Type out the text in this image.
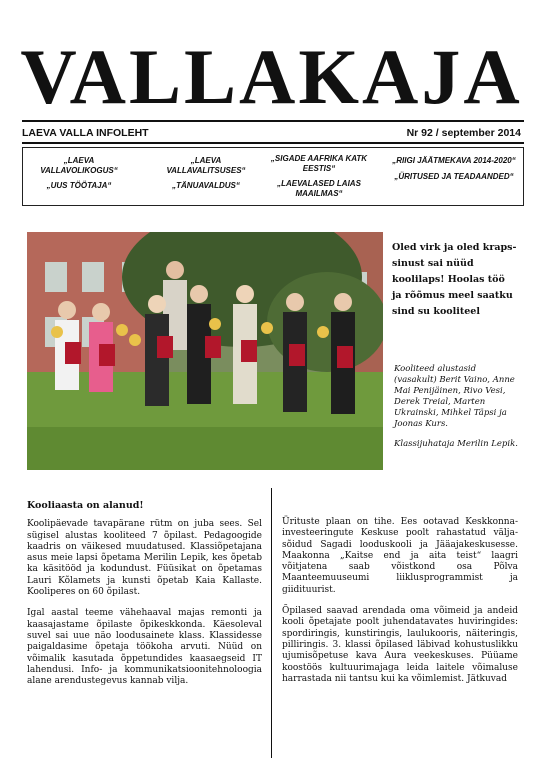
VALLAKAJA
LAEVA VALLA INFOLEHT	Nr 92 / september 2014
„LAEVA VALLAVOLIKOGUS“
„UUS TÖÖTAJA“
„LAEVA VALLAVALITSUSES“
„TÄNUAVALDUS“
„SIGADE AAFRIKA KATK EESTIS“
„LAEVALASED LAIAS MAAILMAS“
„RIIGI JÄÄTMEKAVA 2014-2020“
„ÜRITUSED JA TEADAANDED“
Oled virk ja oled kraps-sinust sai nüüd koolilaps! Hoolas töö ja rõõmus meel saatku sind su kooliteel

Kooliteed alustasid (vasakult) Berit Vaino, Anne Mai Penijäinen, Rivo Vesi, Derek Treial, Marten Ukrainski, Mihkel Täpsi ja Joonas Kurs.

Klassijuhataja Merilin Lepik.

Kooliaasta on alanud!

Koolipäevade tavapärane rütm on juba sees. Sel sügisel alustas kooliteed 7 õpilast. Pedagoogide kaadris on väikesed muudatused. Klassiõpetajana asus meie lapsi õpetama Merilin Lepik, kes õpetab ka käsitööd ja kodundust. Füüsikat on õpetamas Lauri Kõlamets ja kunsti õpetab Kaia Kallaste. Kooliperes on 60 õpilast.

Igal aastal teeme vähehaaval majas remonti ja kaasajastame õpilaste õpikeskkonda. Käesoleval suvel sai uue näo loodusainete klass. Klassidesse paigaldasime õpetaja töökoha arvuti. Nüüd on võimalik kasutada õppetundides kaasaegseid IT lahendusi. Info- ja kommunikatsioonitehnoloogia alane arendustegevus kannab vilja.

Ürituste plaan on tihe. Ees ootavad Keskkonna-investeeringute Keskuse poolt rahastatud välja-sõidud Sagadi looduskooli ja Jääajakeskusesse. Maakonna „Kaitse end ja aita teist“ laagri võitjatena saab võistkond osa Põlva Maanteemuuseumi liiklusprogrammist ja giidituurist.

Õpilased saavad arendada oma võimeid ja andeid kooli õpetajate poolt juhendatavates huviringides: spordiringis, kunstiringis, laulukooris, näiteringis, pilliringis. 3. klassi õpilased läbivad kohustuslikku ujumisõpetuse kava Aura veekeskuses. Püüame koostöös kultuurimajaga leida laitele võimaluse harrastada nii tantsu kui ka võimlemist. Jätkuvad
